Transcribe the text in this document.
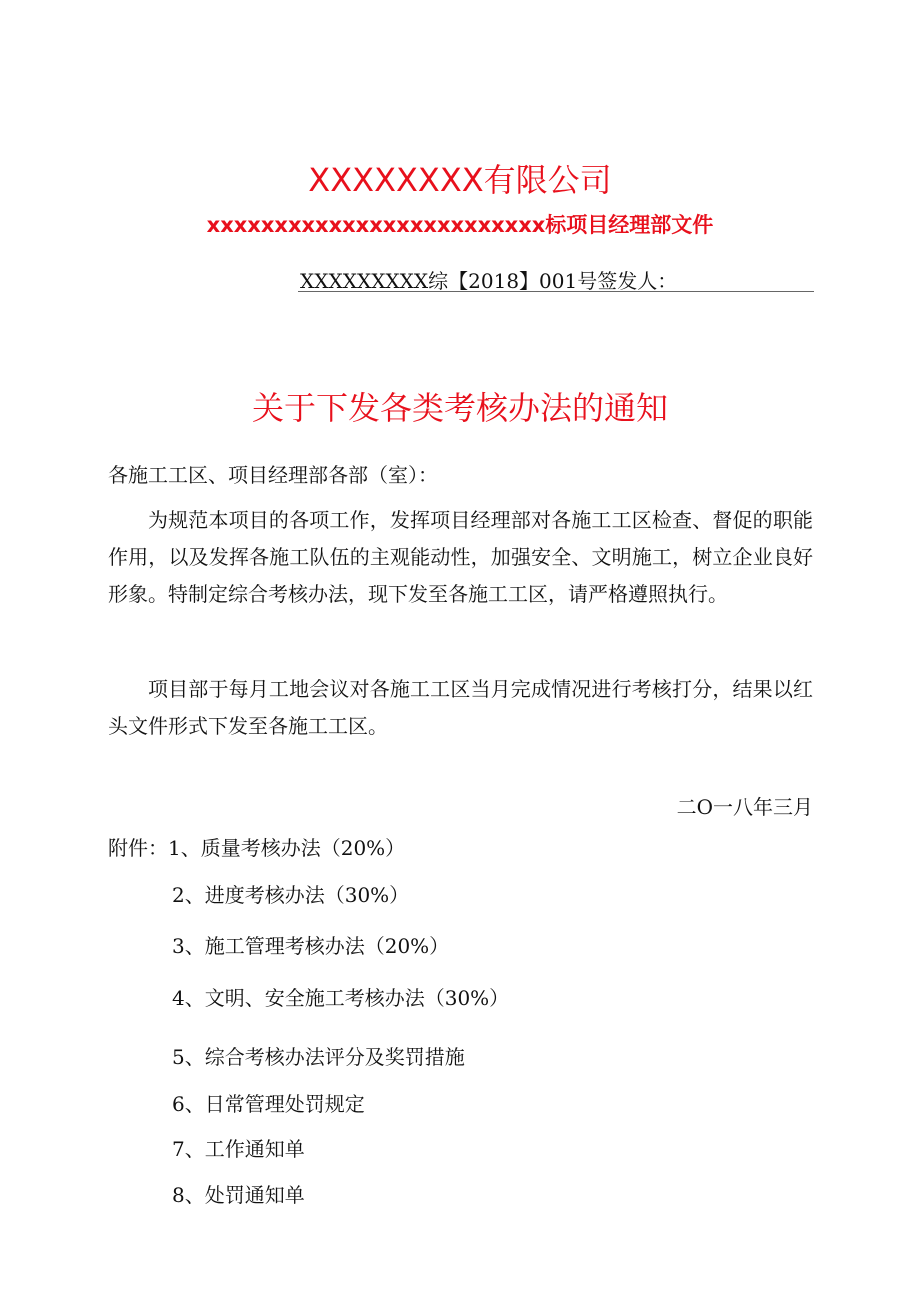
XXXXXXXX有限公司
xxxxxxxxxxxxxxxxxxxxxxxxx标项目经理部文件
XXXXXXXXX综【2018】001号签发人：
关于下发各类考核办法的通知
各施工工区、项目经理部各部（室）：
为规范本项目的各项工作，发挥项目经理部对各施工工区检查、督促的职能作用，以及发挥各施工队伍的主观能动性，加强安全、文明施工，树立企业良好形象。特制定综合考核办法，现下发至各施工工区，请严格遵照执行。
项目部于每月工地会议对各施工工区当月完成情况进行考核打分，结果以红头文件形式下发至各施工工区。
二O一八年三月
附件： 1、质量考核办法（20%）
2、进度考核办法（30%）
3、施工管理考核办法（20%）
4、文明、安全施工考核办法（30%）
5、综合考核办法评分及奖罚措施
6、日常管理处罚规定
7、工作通知单
8、处罚通知单
